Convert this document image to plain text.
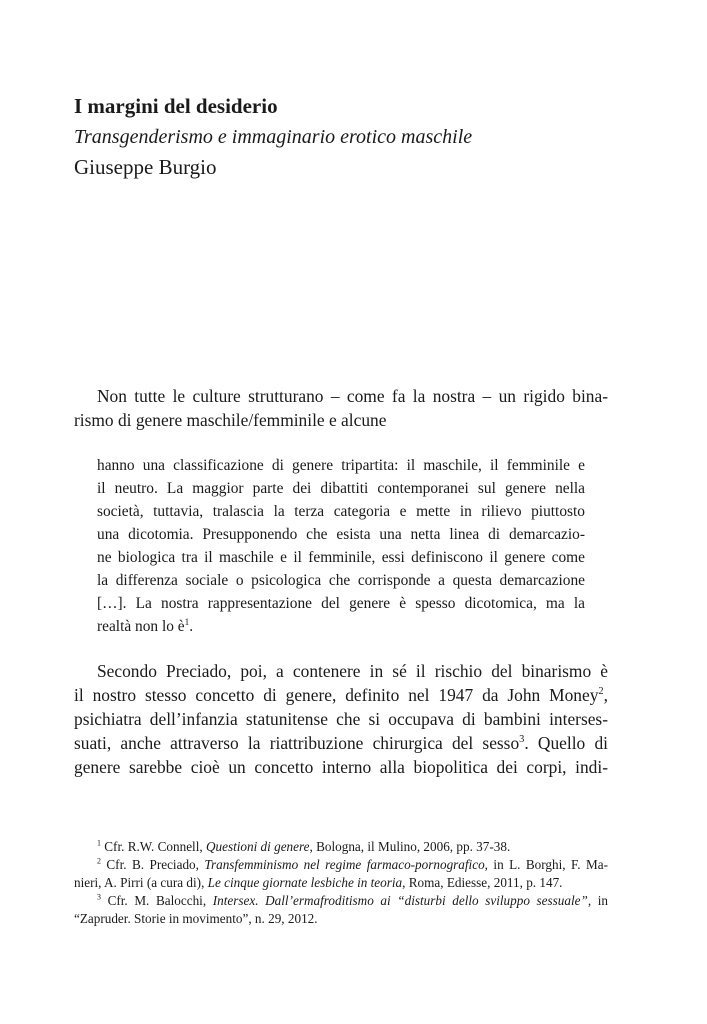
I margini del desiderio
Transgenderismo e immaginario erotico maschile
Giuseppe Burgio
Non tutte le culture strutturano – come fa la nostra – un rigido bina-
rismo di genere maschile/femminile e alcune
hanno una classificazione di genere tripartita: il maschile, il femminile e
il neutro. La maggior parte dei dibattiti contemporanei sul genere nella
società, tuttavia, tralascia la terza categoria e mette in rilievo piuttosto
una dicotomia. Presupponendo che esista una netta linea di demarcazio-
ne biologica tra il maschile e il femminile, essi definiscono il genere come
la differenza sociale o psicologica che corrisponde a questa demarcazione
[…]. La nostra rappresentazione del genere è spesso dicotomica, ma la
realtà non lo $è^1$.
Secondo Preciado, poi, a contenere in sé il rischio del binarismo è
il nostro stesso concetto di genere, definito nel 1947 da John Money$^2$,
psichiatra dell’infanzia statunitense che si occupava di bambini interses-
suati, anche attraverso la riattribuzione chirurgica del sesso$^3$. Quello di
genere sarebbe cioè un concetto interno alla biopolitica dei corpi, indi-
$^1$ Cfr. R.W. Connell, Questioni di genere, Bologna, il Mulino, 2006, pp. 37-38.
$^2$ Cfr. B. Preciado, Transfemminismo nel regime farmaco-pornografico, in L. Borghi, F. Ma-
nieri, A. Pirri (a cura di), Le cinque giornate lesbiche in teoria, Roma, Ediesse, 2011, p. 147.
$^3$ Cfr. M. Balocchi, Intersex. Dall’ermafroditismo ai “disturbi dello sviluppo sessuale”, in
“Zapruder. Storie in movimento”, n. 29, 2012.
